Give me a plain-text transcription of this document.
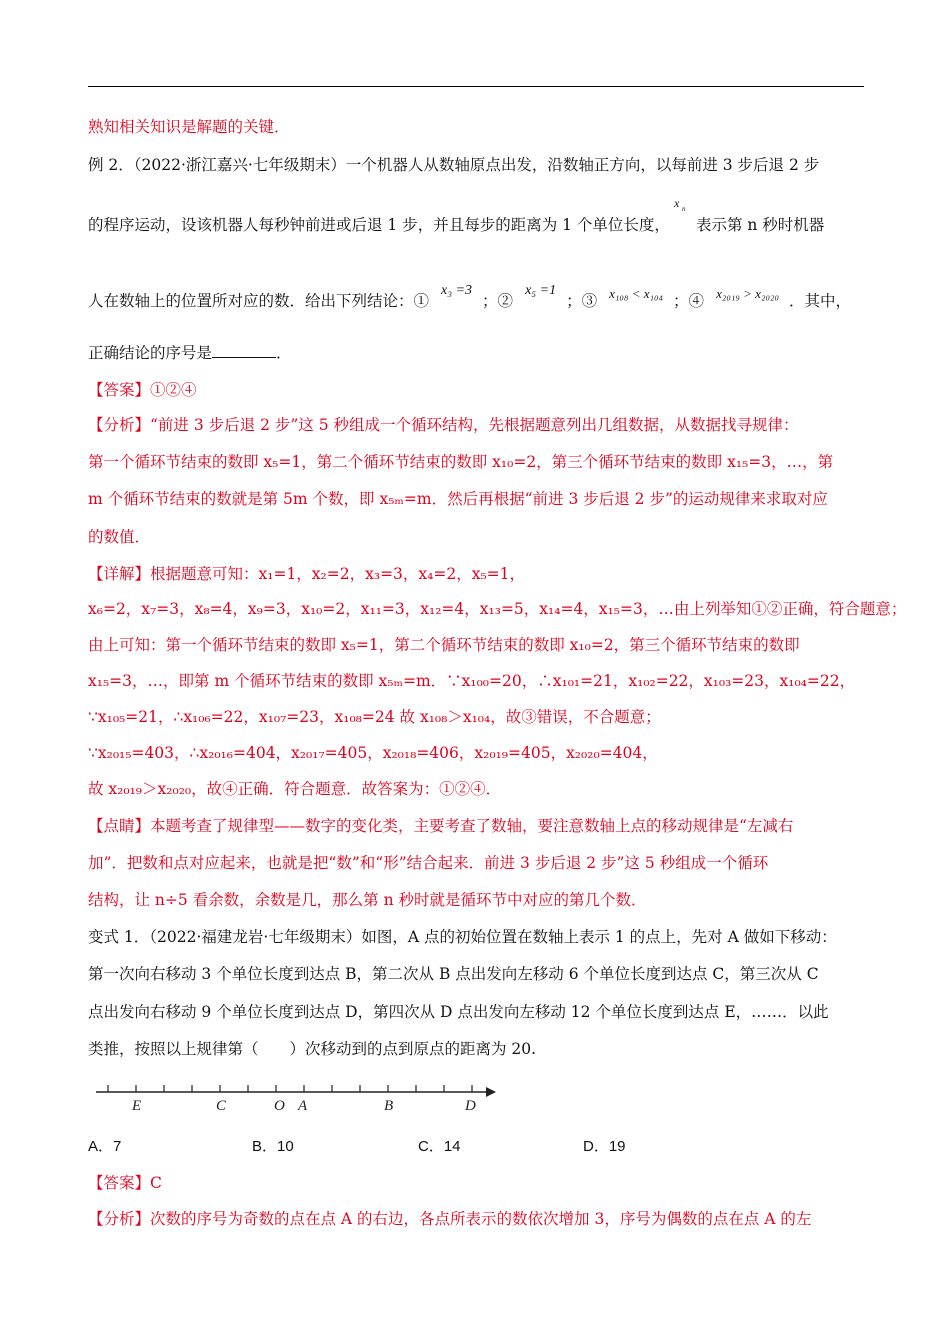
熟知相关知识是解题的关键．
例 2．（2022·浙江嘉兴·七年级期末）一个机器人从数轴原点出发，沿数轴正方向，以每前进 3 步后退 2 步
的程序运动，设该机器人每秒钟前进或后退 1 步，并且每步的距离为 1 个单位长度，
x n
表示第 n 秒时机器
人在数轴上的位置所对应的数．给出下列结论：①x₃ =3；②x₅ =1；③ $^{x_{108} < x_{104}}$ ；④ $^{x_{2019} > x_{2020}}$ ．其中，
正确结论的序号是	．
【答案】①②④
【分析】“前进 3 步后退 2 步”这 5 秒组成一个循环结构，先根据题意列出几组数据，从数据找寻规律：
第一个循环节结束的数即 x₅=1，第二个循环节结束的数即 x₁₀=2，第三个循环节结束的数即 x₁₅=3，…，第
m 个循环节结束的数就是第 5m 个数，即 x₅ₘ=m．然后再根据“前进 3 步后退 2 步”的运动规律来求取对应
的数值．
【详解】根据题意可知：x₁=1，x₂=2，x₃=3，x₄=2，x₅=1，
x₆=2，x₇=3，x₈=4，x₉=3，x₁₀=2，x₁₁=3，x₁₂=4，x₁₃=5，x₁₄=4，x₁₅=3，…由上列举知①②正确，符合题意；
由上可知：第一个循环节结束的数即 x₅=1，第二个循环节结束的数即 x₁₀=2，第三个循环节结束的数即
x₁₅=3，…，即第 m 个循环节结束的数即 x₅ₘ=m．∵x₁₀₀=20，∴x₁₀₁=21，x₁₀₂=22，x₁₀₃=23，x₁₀₄=22，
∵x₁₀₅=21，∴x₁₀₆=22，x₁₀₇=23，x₁₀₈=24 故 x₁₀₈＞x₁₀₄，故③错误，不合题意；
∵x₂₀₁₅=403，∴x₂₀₁₆=404，x₂₀₁₇=405，x₂₀₁₈=406，x₂₀₁₉=405，x₂₀₂₀=404，
故 x₂₀₁₉＞x₂₀₂₀，故④正确．符合题意．故答案为：①②④．
【点睛】本题考查了规律型——数字的变化类，主要考查了数轴，要注意数轴上点的移动规律是“左减右
加”．把数和点对应起来，也就是把“数”和“形”结合起来．前进 3 步后退 2 步”这 5 秒组成一个循环
结构，让 n÷5 看余数，余数是几，那么第 n 秒时就是循环节中对应的第几个数．
变式 1．（2022·福建龙岩·七年级期末）如图，A 点的初始位置在数轴上表示 1 的点上，先对 A 做如下移动：
第一次向右移动 3 个单位长度到达点 B，第二次从 B 点出发向左移动 6 个单位长度到达点 C，第三次从 C
点出发向右移动 9 个单位长度到达点 D，第四次从 D 点出发向左移动 12 个单位长度到达点 E，……．以此
类推，按照以上规律第（　　）次移动到的点到原点的距离为 20.
E	C	O A	B	D
A．7	B．10	C．14	D．19
【答案】C
【分析】次数的序号为奇数的点在点 A 的右边，各点所表示的数依次增加 3，序号为偶数的点在点 A 的左
